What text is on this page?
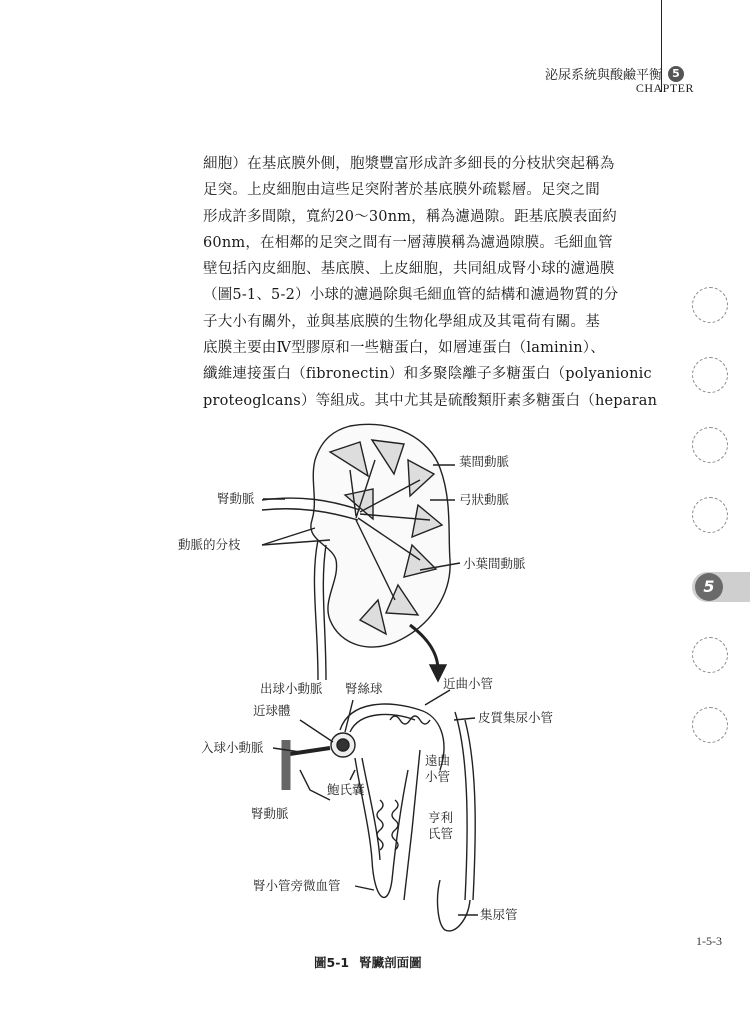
泌尿系統與酸鹼平衡 5
CHAPTER
細胞）在基底膜外側，胞漿豐富形成許多細長的分枝狀突起稱為
足突。上皮細胞由這些足突附著於基底膜外疏鬆層。足突之間
形成許多間隙，寬約20～30nm，稱為濾過隙。距基底膜表面約
60nm，在相鄰的足突之間有一層薄膜稱為濾過隙膜。毛細血管
壁包括內皮細胞、基底膜、上皮細胞，共同組成腎小球的濾過膜
（圖5-1、5-2）小球的濾過除與毛細血管的結構和濾過物質的分
子大小有關外，並與基底膜的生物化學組成及其電荷有關。基
底膜主要由Ⅳ型膠原和一些糖蛋白，如層連蛋白（laminin）、
纖維連接蛋白（fibronectin）和多聚陰離子多糖蛋白（polyanionic
proteoglcans）等組成。其中尤其是硫酸類肝素多糖蛋白（heparan
5
葉間動脈
腎動脈	弓狀動脈
動脈的分枝
小葉間動脈
近曲小管
出球小動脈 腎絲球
近球體	皮質集尿小管
入球小動脈
遠曲
小管
鮑氏囊
腎動脈	亨利
氏管
腎小管旁微血管
集尿管
1-5-3
圖5-1 腎臟剖面圖
